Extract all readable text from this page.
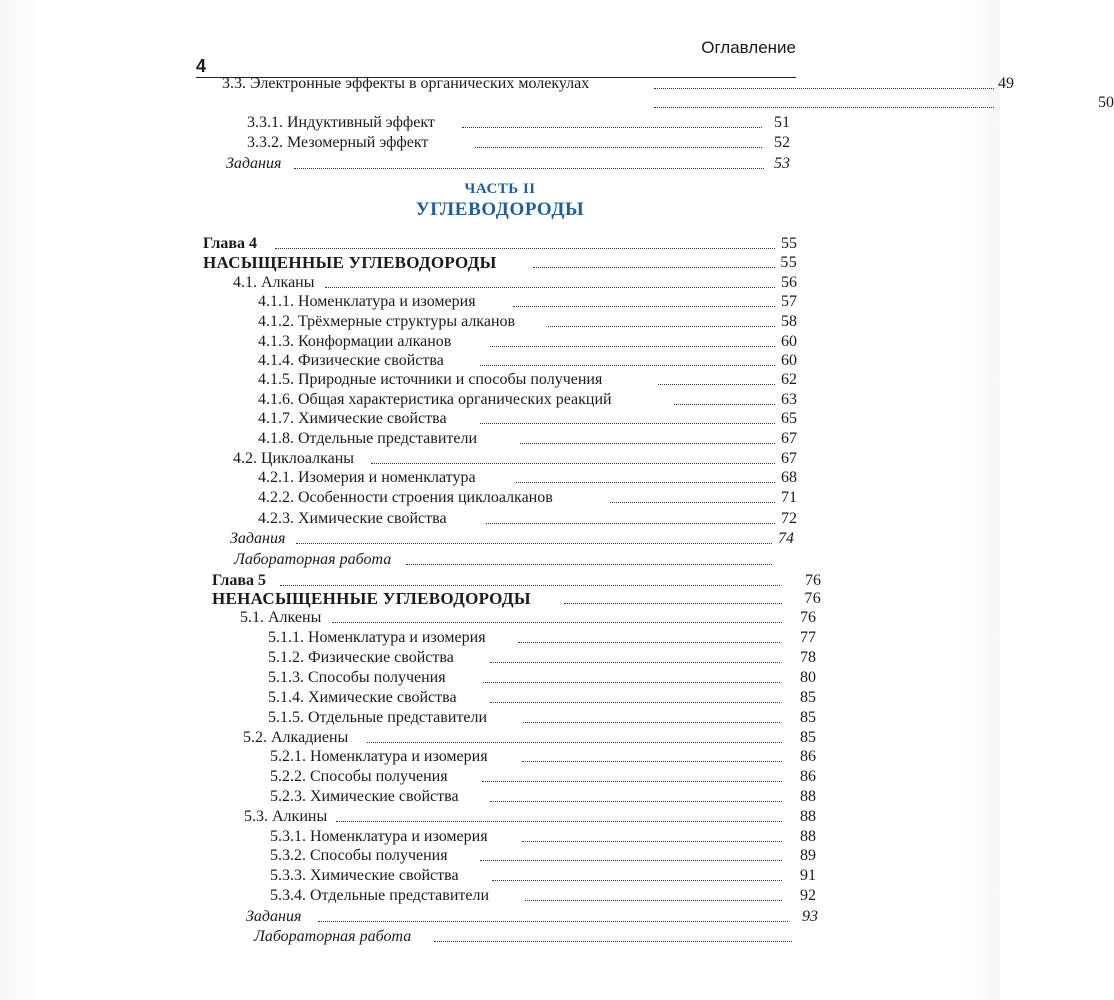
4
Оглавление
3.3. Электронные эффекты в органических молекулах	49
50
3.3.1. Индуктивный эффект	51
3.3.2. Мезомерный эффект	52
Задания	53
ЧАСТЬ II
УГЛЕВОДОРОДЫ
Глава 4	55
НАСЫЩЕННЫЕ УГЛЕВОДОРОДЫ	55
4.1. Алканы	56
4.1.1. Номенклатура и изомерия	57
4.1.2. Трёхмерные структуры алканов	58
4.1.3. Конформации алканов	60
4.1.4. Физические свойства	60
4.1.5. Природные источники и способы получения	62
4.1.6. Общая характеристика органических реакций	63
4.1.7. Химические свойства	65
4.1.8. Отдельные представители	67
4.2. Циклоалканы	67
4.2.1. Изомерия и номенклатура	68
4.2.2. Особенности строения циклоалканов	71
4.2.3. Химические свойства	72
Задания	74
Лабораторная работа
Глава 5	76
НЕНАСЫЩЕННЫЕ УГЛЕВОДОРОДЫ	76
5.1. Алкены	76
5.1.1. Номенклатура и изомерия	77
5.1.2. Физические свойства	78
5.1.3. Способы получения	80
5.1.4. Химические свойства	85
5.1.5. Отдельные представители	85
5.2. Алкадиены	85
5.2.1. Номенклатура и изомерия	86
5.2.2. Способы получения	86
5.2.3. Химические свойства	88
5.3. Алкины	88
5.3.1. Номенклатура и изомерия	88
5.3.2. Способы получения	89
5.3.3. Химические свойства	91
5.3.4. Отдельные представители	92
Задания	93
Лабораторная работа
